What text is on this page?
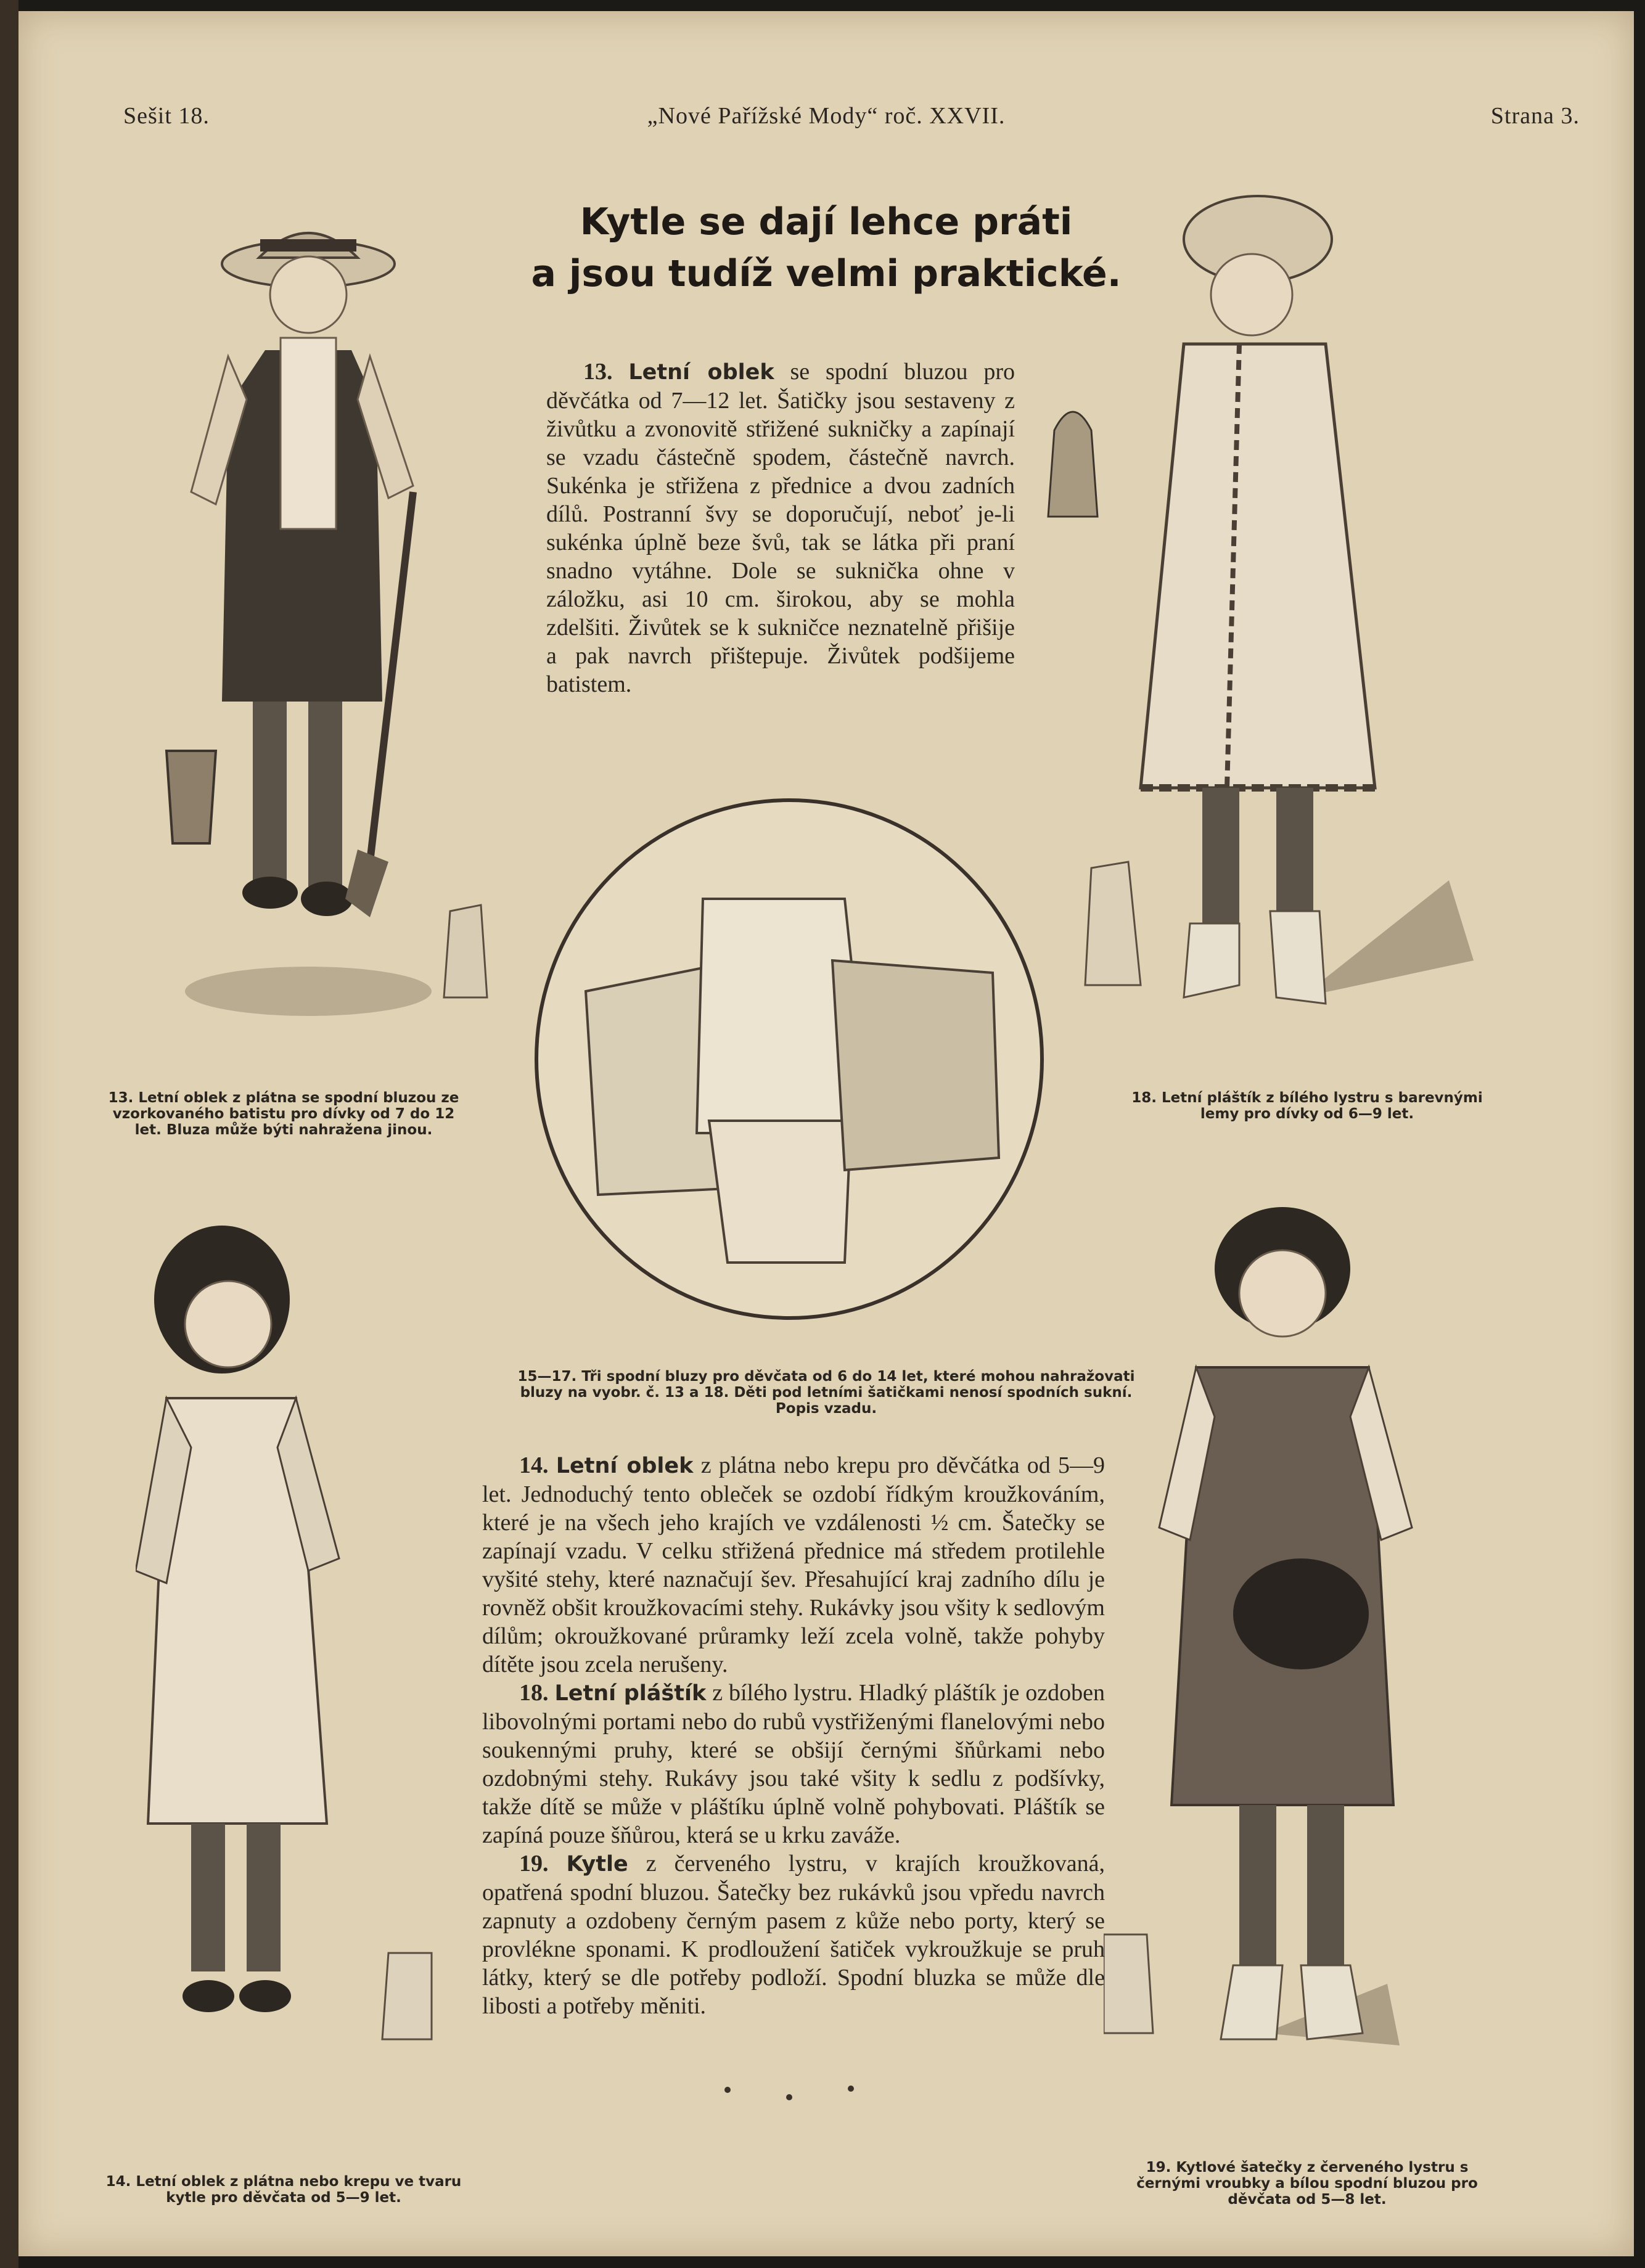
Sešit 18.	„Nové Pařížské Mody“ roč. XXVII.	Strana 3.
Kytle se dají lehce práti
a jsou tudíž velmi praktické.

13. Letní oblek se spodní bluzou pro děvčátka od 7—12 let. Šatičky jsou sestaveny z živůtku a zvonovitě střižené sukničky a zapínají se vzadu částečně spodem, částečně navrch. Sukénka je střižena z přednice a dvou zadních dílů. Postranní švy se doporučují, neboť je-li sukénka úplně beze švů, tak se látka při praní snadno vytáhne. Dole se suknička ohne v záložku, asi 10 cm. širokou, aby se mohla zdelšiti. Živůtek se k sukničce neznatelně přišije a pak navrch přištepuje. Živůtek podšijeme batistem.

13. Letní oblek z plátna se spodní bluzou ze vzorkovaného batistu pro dívky od 7 do 12 let. Bluza může býti nahražena jinou.
18. Letní pláštík z bílého lystru s barevnými lemy pro dívky od 6—9 let.
15—17. Tři spodní bluzy pro děvčata od 6 do 14 let, které mohou nahražovati bluzy na vyobr. č. 13 a 18. Děti pod letními šatičkami nenosí spodních sukní. Popis vzadu.

14. Letní oblek z plátna nebo krepu pro děvčátka od 5—9 let. Jednoduchý tento obleček se ozdobí řídkým kroužkováním, které je na všech jeho krajích ve vzdálenosti ½ cm. Šatečky se zapínají vzadu. V celku střižená přednice má středem protilehle vyšité stehy, které naznačují šev. Přesahující kraj zadního dílu je rovněž obšit kroužkovacími stehy. Rukávky jsou všity k sedlovým dílům; okroužkované průramky leží zcela volně, takže pohyby dítěte jsou zcela nerušeny.

18. Letní pláštík z bílého lystru. Hladký pláštík je ozdoben libovolnými portami nebo do rubů vystřiženými flanelovými nebo soukennými pruhy, které se obšijí černými šňůrkami nebo ozdobnými stehy. Rukávy jsou také všity k sedlu z podšívky, takže dítě se může v pláštíku úplně volně pohybovati. Pláštík se zapíná pouze šňůrou, která se u krku zaváže.

19. Kytle z červeného lystru, v krajích kroužkovaná, opatřená spodní bluzou. Šatečky bez rukávků jsou vpředu navrch zapnuty a ozdobeny černým pasem z kůže nebo porty, který se provlékne sponami. K prodloužení šatiček vykroužkuje se pruh látky, který se dle potřeby podloží. Spodní bluzka se může dle libosti a potřeby měniti.

14. Letní oblek z plátna nebo krepu ve tvaru kytle pro děvčata od 5—9 let.
19. Kytlové šatečky z červeného lystru s černými vroubky a bílou spodní bluzou pro děvčata od 5—8 let.
